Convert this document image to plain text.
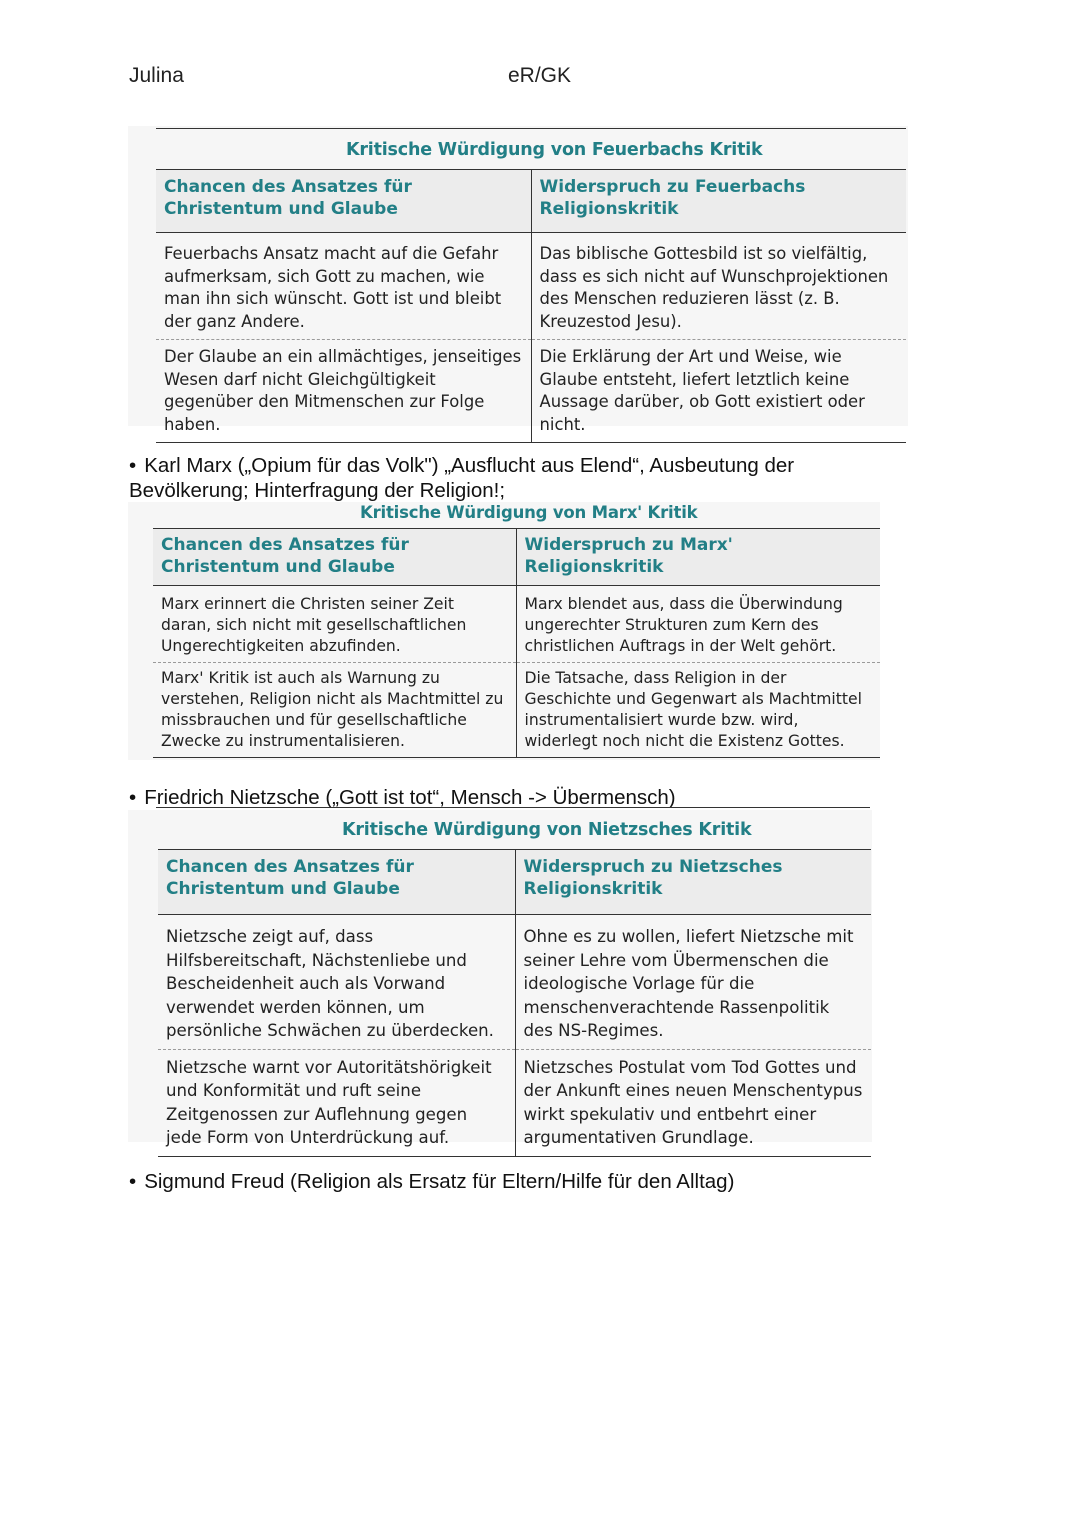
Julina	eR/GK
Kritische Würdigung von Feuerbachs Kritik
Chancen des Ansatzes für Christentum und Glaube	Widerspruch zu Feuerbachs Religionskritik
Feuerbachs Ansatz macht auf die Gefahr aufmerksam, sich Gott zu machen, wie man ihn sich wünscht. Gott ist und bleibt der ganz Andere.	Das biblische Gottesbild ist so vielfältig, dass es sich nicht auf Wunschprojektionen des Menschen reduzieren lässt (z. B. Kreuzestod Jesu).
Der Glaube an ein allmächtiges, jenseitiges Wesen darf nicht Gleichgültigkeit gegenüber den Mitmenschen zur Folge haben.	Die Erklärung der Art und Weise, wie Glaube entsteht, liefert letztlich keine Aussage darüber, ob Gott existiert oder nicht.
• Karl Marx („Opium für das Volk") „Ausflucht aus Elend“, Ausbeutung der Bevölkerung; Hinterfragung der Religion!;
Kritische Würdigung von Marx' Kritik
Chancen des Ansatzes für Christentum und Glaube	Widerspruch zu Marx' Religionskritik
Marx erinnert die Christen seiner Zeit daran, sich nicht mit gesellschaftlichen Ungerechtigkeiten abzufinden.	Marx blendet aus, dass die Überwindung ungerechter Strukturen zum Kern des christlichen Auftrags in der Welt gehört.
Marx' Kritik ist auch als Warnung zu verstehen, Religion nicht als Machtmittel zu missbrauchen und für gesellschaftliche Zwecke zu instrumentalisieren.	Die Tatsache, dass Religion in der Geschichte und Gegenwart als Machtmittel instrumentalisiert wurde bzw. wird, widerlegt noch nicht die Existenz Gottes.
• Friedrich Nietzsche („Gott ist tot“, Mensch -> Übermensch)
Kritische Würdigung von Nietzsches Kritik
Chancen des Ansatzes für Christentum und Glaube	Widerspruch zu Nietzsches Religionskritik
Nietzsche zeigt auf, dass Hilfsbereitschaft, Nächstenliebe und Bescheidenheit auch als Vorwand verwendet werden können, um persönliche Schwächen zu überdecken.	Ohne es zu wollen, liefert Nietzsche mit seiner Lehre vom Übermenschen die ideologische Vorlage für die menschenverachtende Rassenpolitik des NS-Regimes.
Nietzsche warnt vor Autoritätshörigkeit und Konformität und ruft seine Zeitgenossen zur Auflehnung gegen jede Form von Unterdrückung auf.	Nietzsches Postulat vom Tod Gottes und der Ankunft eines neuen Menschentypus wirkt spekulativ und entbehrt einer argumentativen Grundlage.
• Sigmund Freud (Religion als Ersatz für Eltern/Hilfe für den Alltag)
